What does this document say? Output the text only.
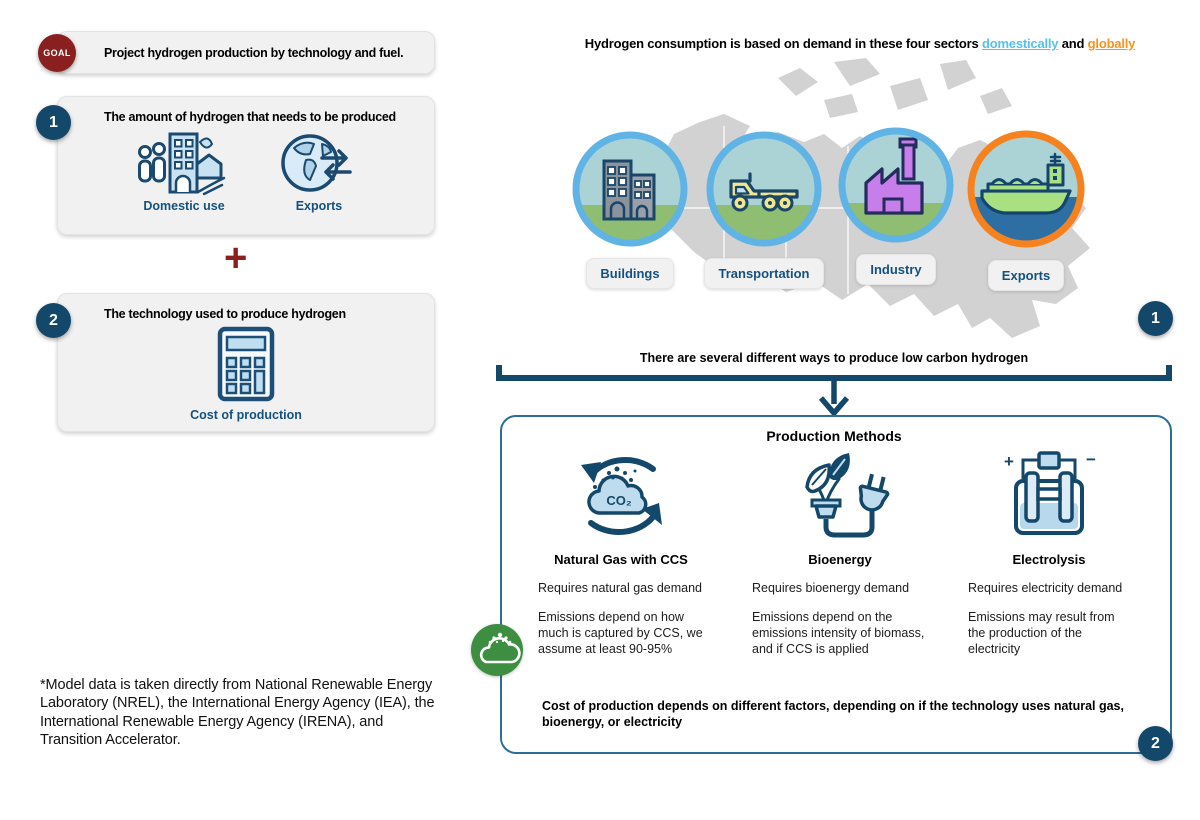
GOAL	Project hydrogen production by technology and fuel.
1	The amount of hydrogen that needs to be produced
Domestic use	Exports
+
2	The technology used to produce hydrogen
Cost of production
*Model data is taken directly from National Renewable Energy Laboratory (NREL), the International Energy Agency (IEA), the International Renewable Energy Agency (IRENA), and Transition Accelerator.
Hydrogen consumption is based on demand in these four sectors domestically and globally
Buildings	Transportation	Industry	Exports
1
There are several different ways to produce low carbon hydrogen
Production Methods
CO₂
Natural Gas with CCS

Requires natural gas demand

Emissions depend on how much is captured by CCS, we assume at least 90-95%

Bioenergy

Requires bioenergy demand

Emissions depend on the emissions intensity of biomass, and if CCS is applied

+	−
Electrolysis

Requires electricity demand

Emissions may result from the production of the electricity

Cost of production depends on different factors, depending on if the technology uses natural gas, bioenergy, or electricity
2
